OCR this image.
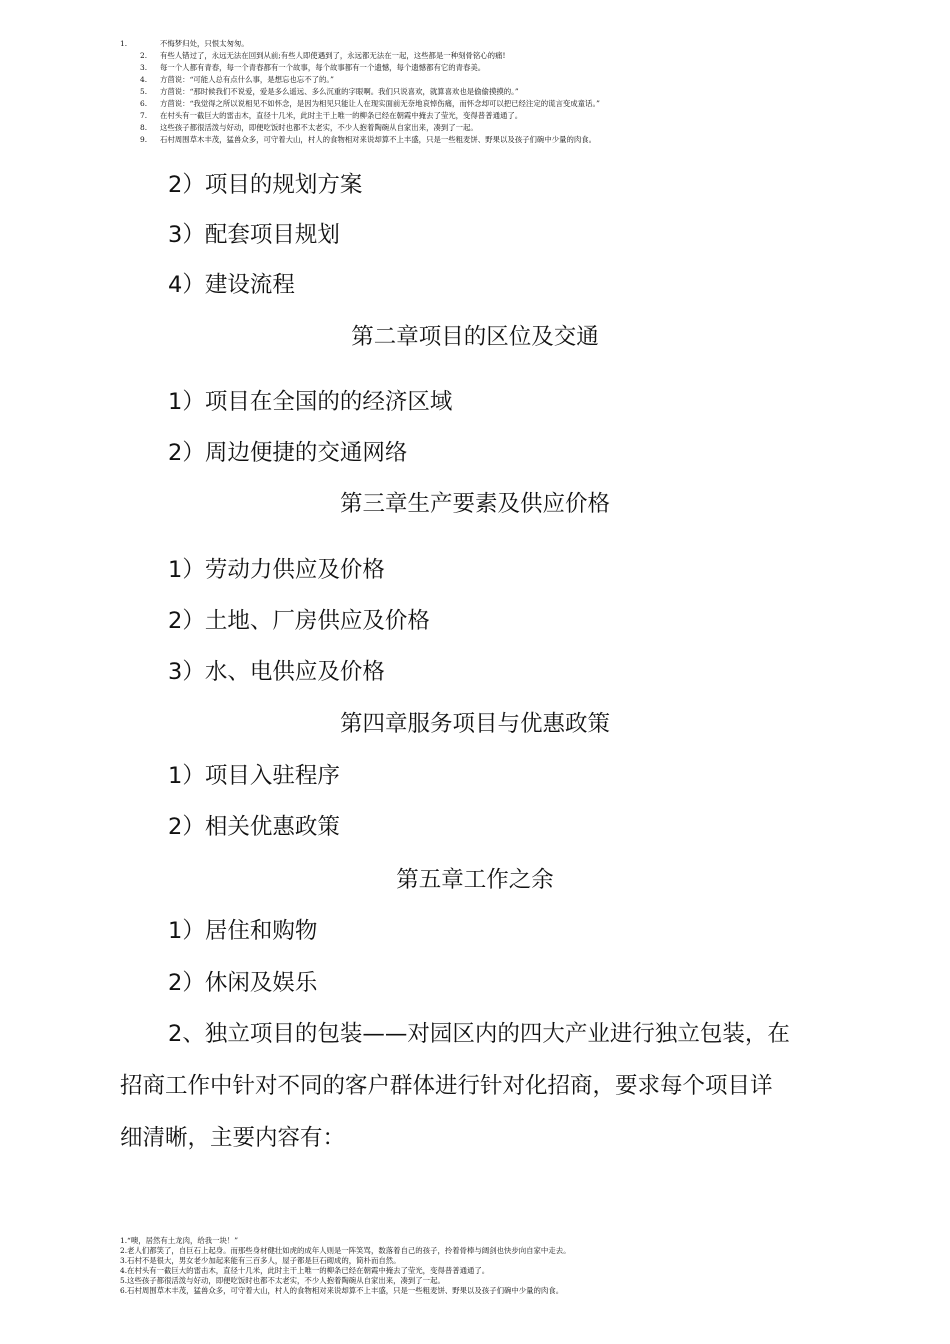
1.	不悔梦归处，只恨太匆匆。
2. 有些人错过了，永远无法在回到从前;有些人即使遇到了，永远都无法在一起，这些都是一种刻骨铭心的痛!
3. 每一个人都有青春，每一个青春都有一个故事，每个故事都有一个遗憾，每个遗憾都有它的青春美。
4. 方茴说：“可能人总有点什么事，是想忘也忘不了的。”
5. 方茴说：“那时候我们不说爱，爱是多么遥远、多么沉重的字眼啊。我们只说喜欢，就算喜欢也是偷偷摸摸的。”
6. 方茴说：“我觉得之所以说相见不如怀念，是因为相见只能让人在现实面前无奈地哀悼伤痛，而怀念却可以把已经注定的谎言变成童话。”
7. 在村头有一截巨大的雷击木，直径十几米，此时主干上唯一的柳条已经在朝霞中掩去了莹光，变得普普通通了。
8. 这些孩子都很活泼与好动，即便吃饭时也都不太老实，不少人抱着陶碗从自家出来，凑到了一起。
9. 石村周围草木丰茂，猛兽众多，可守着大山，村人的食物相对来说却算不上丰盛，只是一些粗麦饼、野果以及孩子们碗中少量的肉食。
2）项目的规划方案
3）配套项目规划
4）建设流程
第二章项目的区位及交通
1）项目在全国的的经济区域
2）周边便捷的交通网络
第三章生产要素及供应价格
1）劳动力供应及价格
2）土地、厂房供应及价格
3）水、电供应及价格
第四章服务项目与优惠政策
1）项目入驻程序
2）相关优惠政策
第五章工作之余
1）居住和购物
2）休闲及娱乐
2、独立项目的包装——对园区内的四大产业进行独立包装，在
招商工作中针对不同的客户群体进行针对化招商，要求每个项目详
细清晰，主要内容有：
1.“噢，居然有土龙肉，给我一块！”
2.老人们都笑了，自巨石上起身。而那些身材健壮如虎的成年人则是一阵笑骂，数落着自己的孩子，拎着骨棒与阔剑也快步向自家中走去。
3.石村不是很大，男女老少加起来能有三百多人，屋子都是巨石砌成的，简朴而自然。
4.在村头有一截巨大的雷击木，直径十几米，此时主干上唯一的柳条已经在朝霞中掩去了莹光，变得普普通通了。
5.这些孩子都很活泼与好动，即便吃饭时也都不太老实，不少人抱着陶碗从自家出来，凑到了一起。
6.石村周围草木丰茂，猛兽众多，可守着大山，村人的食物相对来说却算不上丰盛，只是一些粗麦饼、野果以及孩子们碗中少量的肉食。
